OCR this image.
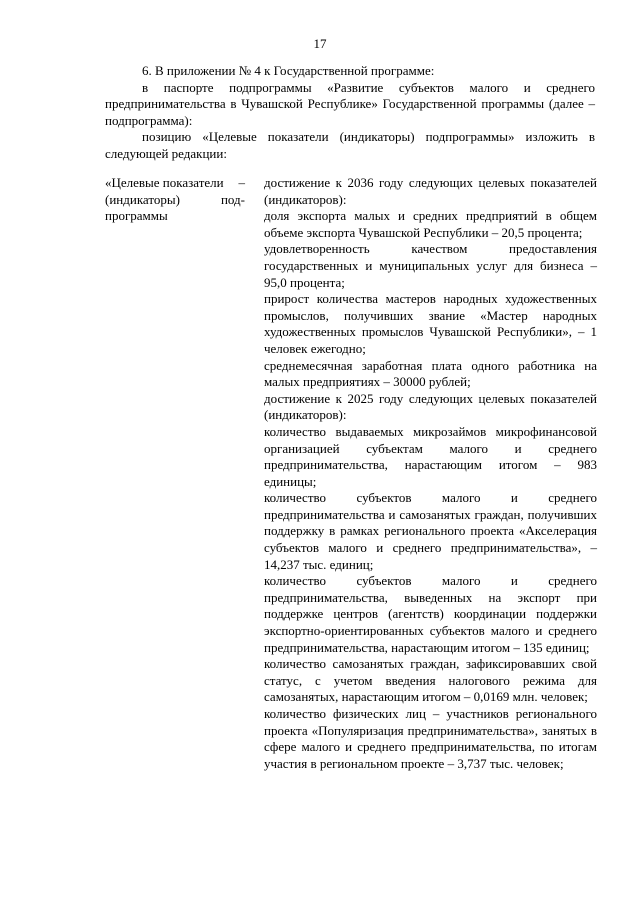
17

6. В приложении № 4 к Государственной программе:

в паспорте подпрограммы «Развитие субъектов малого и среднего предпринимательства в Чувашской Республике» Государственной программы (далее – подпрограмма):

позицию «Целевые показатели (индикаторы) подпрограммы» изложить в следующей редакции:

«Целевые показатели –
(индикаторы)	под-
программы

достижение к 2036 году следующих целевых показателей (индикаторов):

доля экспорта малых и средних предприятий в общем объеме экспорта Чувашской Республики – 20,5 процента;

удовлетворенность качеством предоставления государственных и муниципальных услуг для бизнеса – 95,0 процента;

прирост количества мастеров народных художественных промыслов, получивших звание «Мастер народных художественных промыслов Чувашской Республики», – 1 человек ежегодно;

среднемесячная заработная плата одного работника на малых предприятиях – 30000 рублей;

достижение к 2025 году следующих целевых показателей (индикаторов):

количество выдаваемых микрозаймов микрофинансовой организацией субъектам малого и среднего предпринимательства, нарастающим итогом – 983 единицы;

количество субъектов малого и среднего предпринимательства и самозанятых граждан, получивших поддержку в рамках регионального проекта «Акселерация субъектов малого и среднего предпринимательства», – 14,237 тыс. единиц;

количество субъектов малого и среднего предпринимательства, выведенных на экспорт при поддержке центров (агентств) координации поддержки экспортно-ориентированных субъектов малого и среднего предпринимательства, нарастающим итогом – 135 единиц;

количество самозанятых граждан, зафиксировавших свой статус, с учетом введения налогового режима для самозанятых, нарастающим итогом – 0,0169 млн. человек;

количество физических лиц – участников регионального проекта «Популяризация предпринимательства», занятых в сфере малого и среднего предпринимательства, по итогам участия в региональном проекте – 3,737 тыс. человек;
